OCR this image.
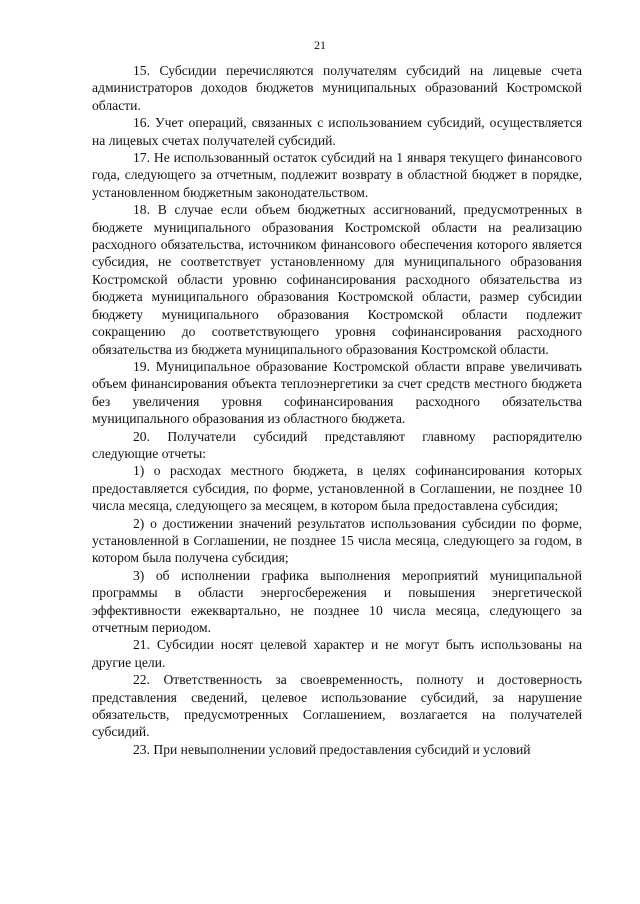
21

15. Субсидии перечисляются получателям субсидий на лицевые счета администраторов доходов бюджетов муниципальных образований Костромской области.

16. Учет операций, связанных с использованием субсидий, осуществляется на лицевых счетах получателей субсидий.

17. Не использованный остаток субсидий на 1 января текущего финансового года, следующего за отчетным, подлежит возврату в областной бюджет в порядке, установленном бюджетным законодательством.

18. В случае если объем бюджетных ассигнований, предусмотренных в бюджете муниципального образования Костромской области на реализацию расходного обязательства, источником финансового обеспечения которого является субсидия, не соответствует установленному для муниципального образования Костромской области уровню софинансирования расходного обязательства из бюджета муниципального образования Костромской области, размер субсидии бюджету муниципального образования Костромской области подлежит сокращению до соответствующего уровня софинансирования расходного обязательства из бюджета муниципального образования Костромской области.

19. Муниципальное образование Костромской области вправе увеличивать объем финансирования объекта теплоэнергетики за счет средств местного бюджета без увеличения уровня софинансирования расходного обязательства муниципального образования из областного бюджета.

20. Получатели субсидий представляют главному распорядителю следующие отчеты:

1) о расходах местного бюджета, в целях софинансирования которых предоставляется субсидия, по форме, установленной в Соглашении, не позднее 10 числа месяца, следующего за месяцем, в котором была предоставлена субсидия;

2) о достижении значений результатов использования субсидии по форме, установленной в Соглашении, не позднее 15 числа месяца, следующего за годом, в котором была получена субсидия;

3) об исполнении графика выполнения мероприятий муниципальной программы в области энергосбережения и повышения энергетической эффективности ежеквартально, не позднее 10 числа месяца, следующего за отчетным периодом.

21. Субсидии носят целевой характер и не могут быть использованы на другие цели.

22. Ответственность за своевременность, полноту и достоверность представления сведений, целевое использование субсидий, за нарушение обязательств, предусмотренных Соглашением, возлагается на получателей субсидий.

23. При невыполнении условий предоставления субсидий и условий
